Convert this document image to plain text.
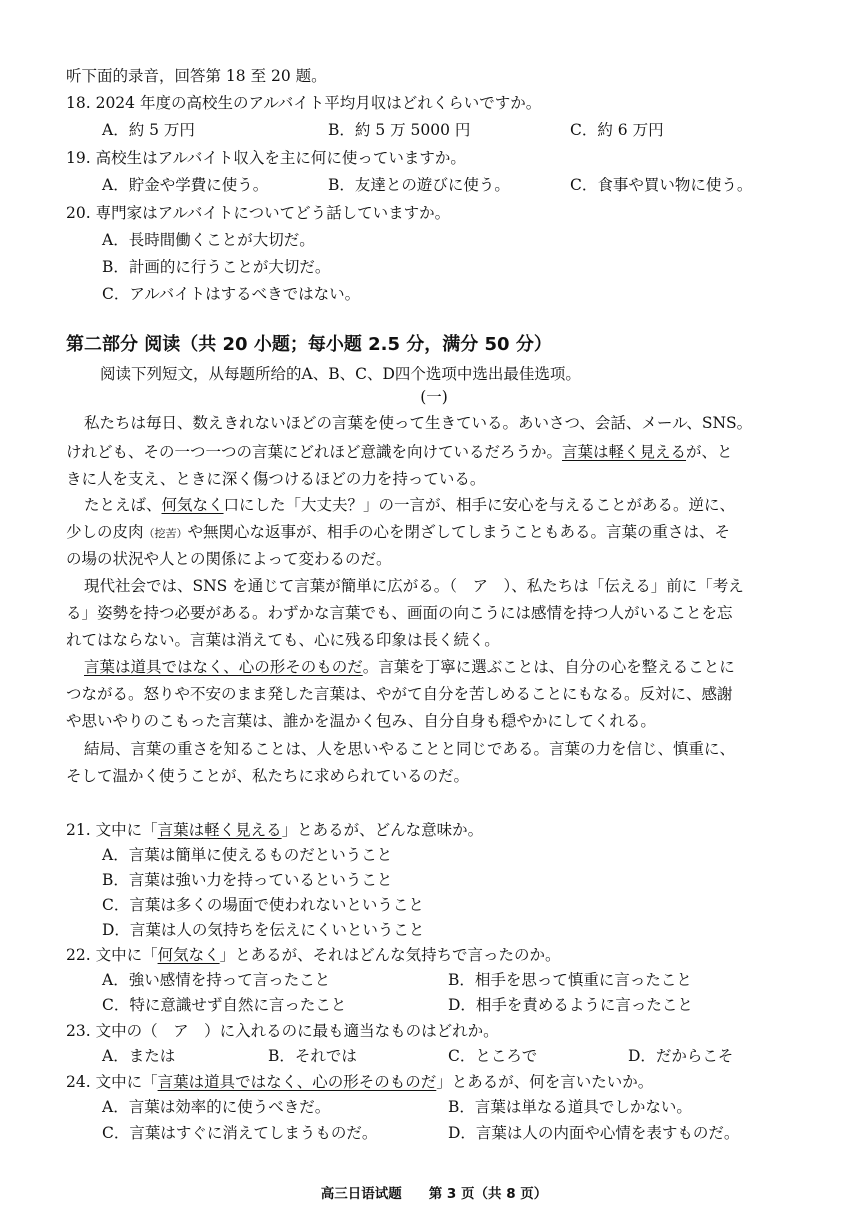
听下面的录音，回答第 18 至 20 题。
18. 2024 年度の高校生のアルバイト平均月収はどれくらいですか。
A．約 5 万円	B．約 5 万 5000 円	C．約 6 万円
19. 高校生はアルバイト収入を主に何に使っていますか。
A．貯金や学費に使う。	B．友達との遊びに使う。	C．食事や買い物に使う。
20. 専門家はアルバイトについてどう話していますか。
A．長時間働くことが大切だ。
B．計画的に行うことが大切だ。
C．アルバイトはするべきではない。
第二部分 阅读（共 20 小题；每小题 2.5 分，满分 50 分）
阅读下列短文，从每题所给的A、B、C、D四个选项中选出最佳选项。
(一)
私たちは毎日、数えきれないほどの言葉を使って生きている。あいさつ、会話、メール、SNS。
けれども、その一つ一つの言葉にどれほど意識を向けているだろうか。言葉は軽く見えるが、と
きに人を支え、ときに深く傷つけるほどの力を持っている。
たとえば、何気なく口にした「大丈夫？」の一言が、相手に安心を与えることがある。逆に、
少しの皮肉（挖苦）や無関心な返事が、相手の心を閉ざしてしまうこともある。言葉の重さは、そ
の場の状況や人との関係によって変わるのだ。
現代社会では、SNS を通じて言葉が簡単に広がる。（　ア　）、私たちは「伝える」前に「考え
る」姿勢を持つ必要がある。わずかな言葉でも、画面の向こうには感情を持つ人がいることを忘
れてはならない。言葉は消えても、心に残る印象は長く続く。
言葉は道具ではなく、心の形そのものだ。言葉を丁寧に選ぶことは、自分の心を整えることに
つながる。怒りや不安のまま発した言葉は、やがて自分を苦しめることにもなる。反対に、感謝
や思いやりのこもった言葉は、誰かを温かく包み、自分自身も穏やかにしてくれる。
結局、言葉の重さを知ることは、人を思いやることと同じである。言葉の力を信じ、慎重に、
そして温かく使うことが、私たちに求められているのだ。
21. 文中に「言葉は軽く見える」とあるが、どんな意味か。
A．言葉は簡単に使えるものだということ
B．言葉は強い力を持っているということ
C．言葉は多くの場面で使われないということ
D．言葉は人の気持ちを伝えにくいということ
22. 文中に「何気なく」とあるが、それはどんな気持ちで言ったのか。
A．強い感情を持って言ったこと	B．相手を思って慎重に言ったこと
C．特に意識せず自然に言ったこと	D．相手を責めるように言ったこと
23. 文中の（　ア　）に入れるのに最も適当なものはどれか。
A．または	B．それでは	C．ところで	D．だからこそ
24. 文中に「言葉は道具ではなく、心の形そのものだ」とあるが、何を言いたいか。
A．言葉は効率的に使うべきだ。	B．言葉は単なる道具でしかない。
C．言葉はすぐに消えてしまうものだ。	D．言葉は人の内面や心情を表すものだ。
高三日语试题　　第 3 页（共 8 页）
